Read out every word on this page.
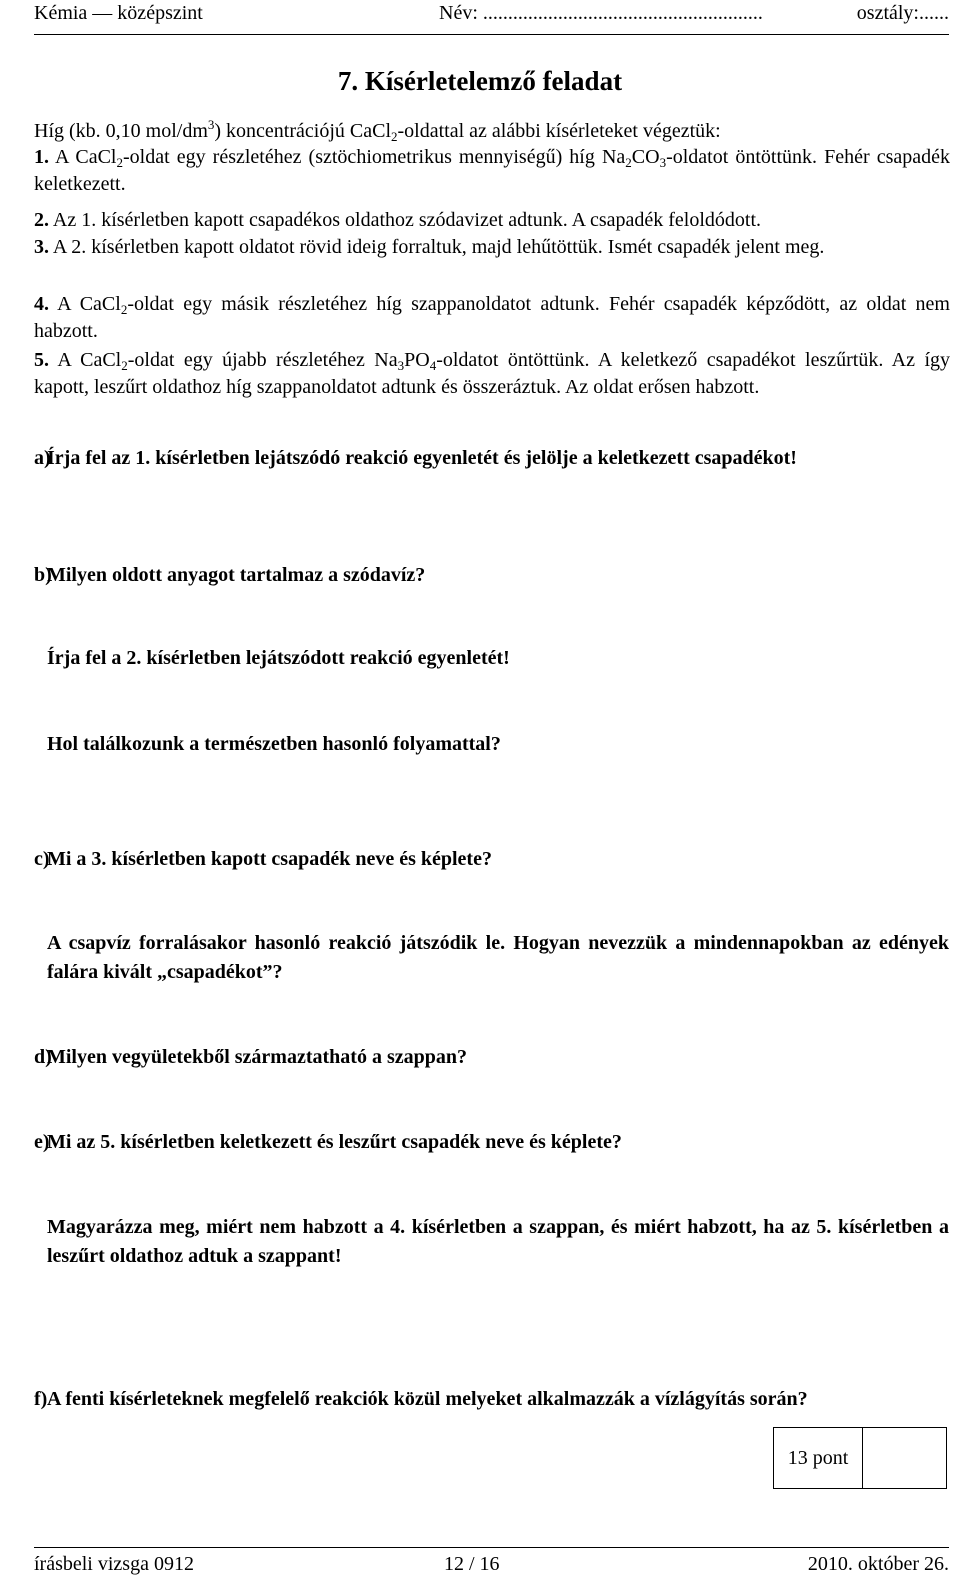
Kémia — középszint	Név: ........................................................	osztály:......
7. Kísérletelemző feladat
Híg (kb. 0,10 mol/$dm^3$) koncentrációjú CaCl$_2$-oldattal az alábbi kísérleteket végeztük:
1. A CaCl$_2$-oldat egy részletéhez (sztöchiometrikus mennyiségű) híg $Na_2CO_3$-oldatot öntöttünk. Fehér csapadék keletkezett.
2. Az 1. kísérletben kapott csapadékos oldathoz szódavizet adtunk. A csapadék feloldódott.
3. A 2. kísérletben kapott oldatot rövid ideig forraltuk, majd lehűtöttük. Ismét csapadék jelent meg.
4. A CaCl$_2$-oldat egy másik részletéhez híg szappanoldatot adtunk. Fehér csapadék képződött, az oldat nem habzott.
5. A CaCl$_2$-oldat egy újabb részletéhez $Na_3PO_4$-oldatot öntöttünk. A keletkező csapadékot leszűrtük. Az így kapott, leszűrt oldathoz híg szappanoldatot adtunk és összeráztuk. Az oldat erősen habzott.
a)
Írja fel az 1. kísérletben lejátszódó reakció egyenletét és jelölje a keletkezett csapadékot!
b)
Milyen oldott anyagot tartalmaz a szódavíz?
Írja fel a 2. kísérletben lejátszódott reakció egyenletét!
Hol találkozunk a természetben hasonló folyamattal?
c)
Mi a 3. kísérletben kapott csapadék neve és képlete?
A csapvíz forralásakor hasonló reakció játszódik le. Hogyan nevezzük a mindennapokban az edények falára kivált „csapadékot”?
d)
Milyen vegyületekből származtatható a szappan?
e)
Mi az 5. kísérletben keletkezett és leszűrt csapadék neve és képlete?
Magyarázza meg, miért nem habzott a 4. kísérletben a szappan, és miért habzott, ha az 5. kísérletben a leszűrt oldathoz adtuk a szappant!
f) A fenti kísérleteknek megfelelő reakciók közül melyeket alkalmazzák a vízlágyítás során?
13 pont
írásbeli vizsga 0912	12 / 16	2010. október 26.
